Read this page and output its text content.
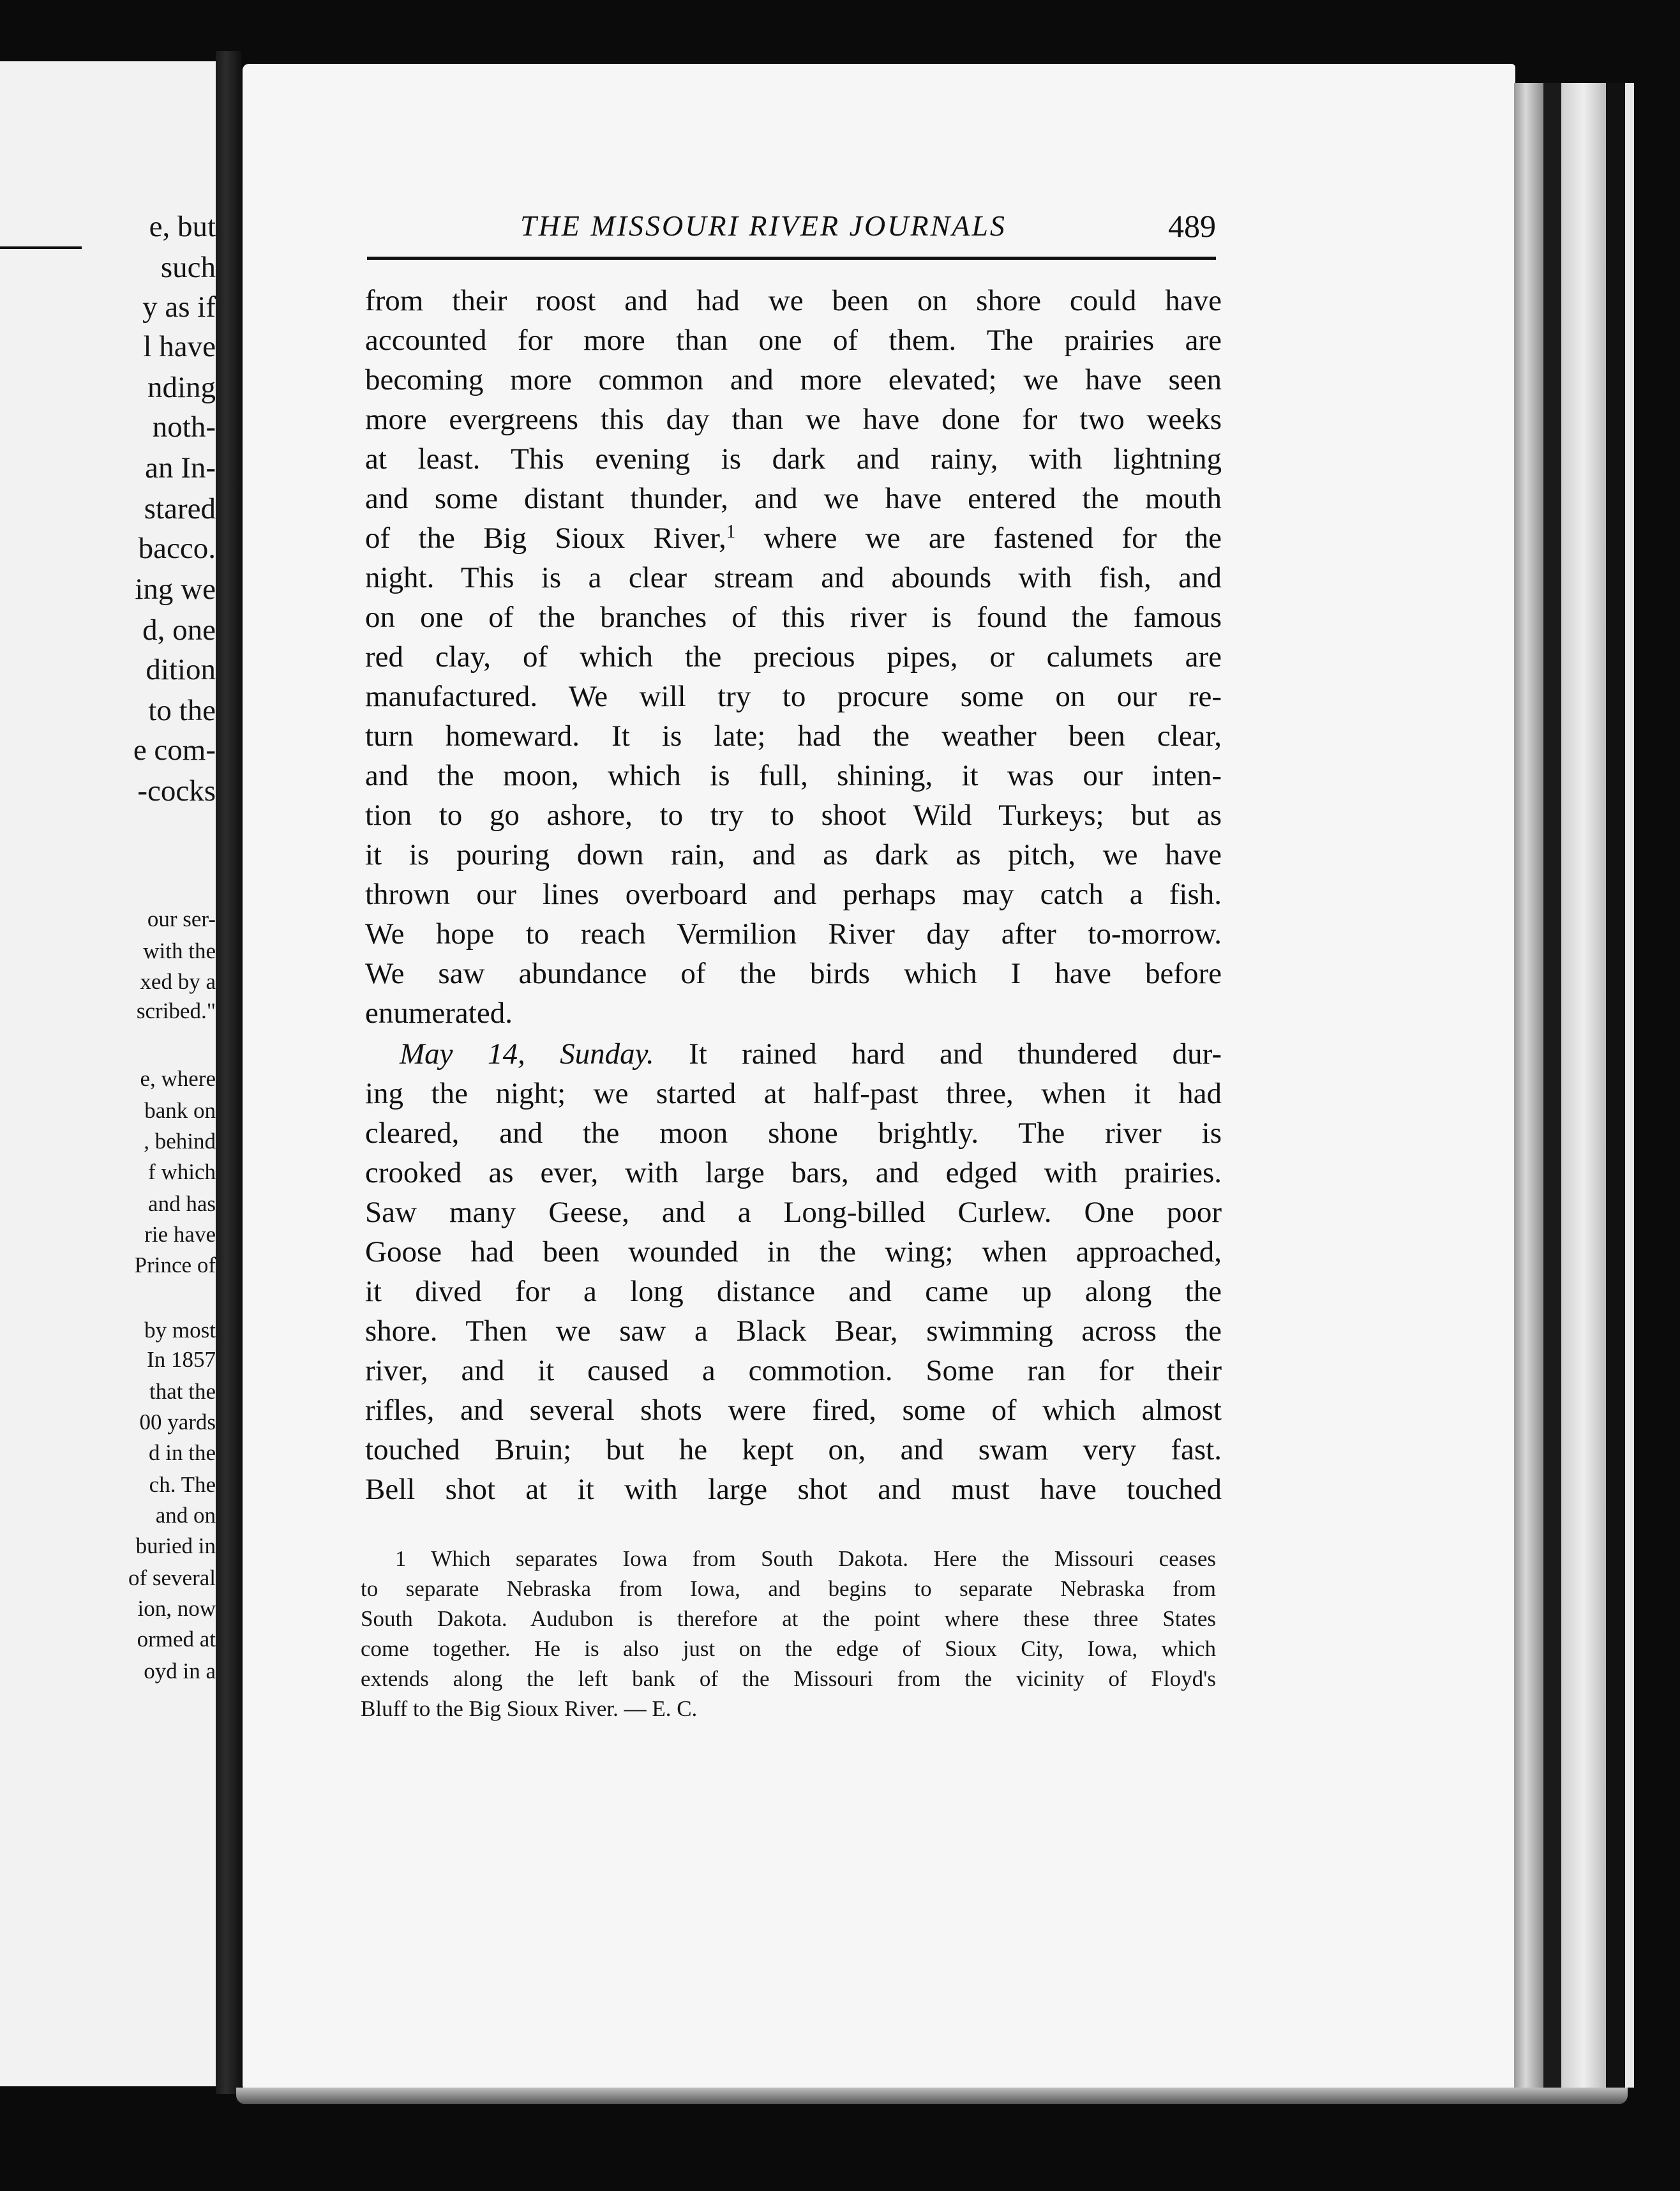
e, but
such
y as if
l have
nding
noth-
an In-
stared
bacco.
ing we
d, one
dition
to the
e com-
-cocks
our ser-
with the
xed by a
scribed."
e, where
bank on
, behind
f which
and has
rie have
Prince of
by most
In 1857
that the
00 yards
d in the
ch. The
and on
buried in
of several
ion, now
ormed at
oyd in a
THE MISSOURI RIVER JOURNALS	489
from their roost and had we been on shore could have
accounted for more than one of them. The prairies are
becoming more common and more elevated; we have seen
more evergreens this day than we have done for two weeks
at least. This evening is dark and rainy, with lightning
and some distant thunder, and we have entered the mouth
of the Big Sioux River,$^1$ where we are fastened for the
night. This is a clear stream and abounds with fish, and
on one of the branches of this river is found the famous
red clay, of which the precious pipes, or calumets are
manufactured. We will try to procure some on our re-
turn homeward. It is late; had the weather been clear,
and the moon, which is full, shining, it was our inten-
tion to go ashore, to try to shoot Wild Turkeys; but as
it is pouring down rain, and as dark as pitch, we have
thrown our lines overboard and perhaps may catch a fish.
We hope to reach Vermilion River day after to-morrow.
We saw abundance of the birds which I have before
enumerated.
May 14, Sunday. It rained hard and thundered dur-
ing the night; we started at half-past three, when it had
cleared, and the moon shone brightly. The river is
crooked as ever, with large bars, and edged with prairies.
Saw many Geese, and a Long-billed Curlew. One poor
Goose had been wounded in the wing; when approached,
it dived for a long distance and came up along the
shore. Then we saw a Black Bear, swimming across the
river, and it caused a commotion. Some ran for their
rifles, and several shots were fired, some of which almost
touched Bruin; but he kept on, and swam very fast.
Bell shot at it with large shot and must have touched
1 Which separates Iowa from South Dakota. Here the Missouri ceases
to separate Nebraska from Iowa, and begins to separate Nebraska from
South Dakota. Audubon is therefore at the point where these three States
come together. He is also just on the edge of Sioux City, Iowa, which
extends along the left bank of the Missouri from the vicinity of Floyd's
Bluff to the Big Sioux River. — E. C.
